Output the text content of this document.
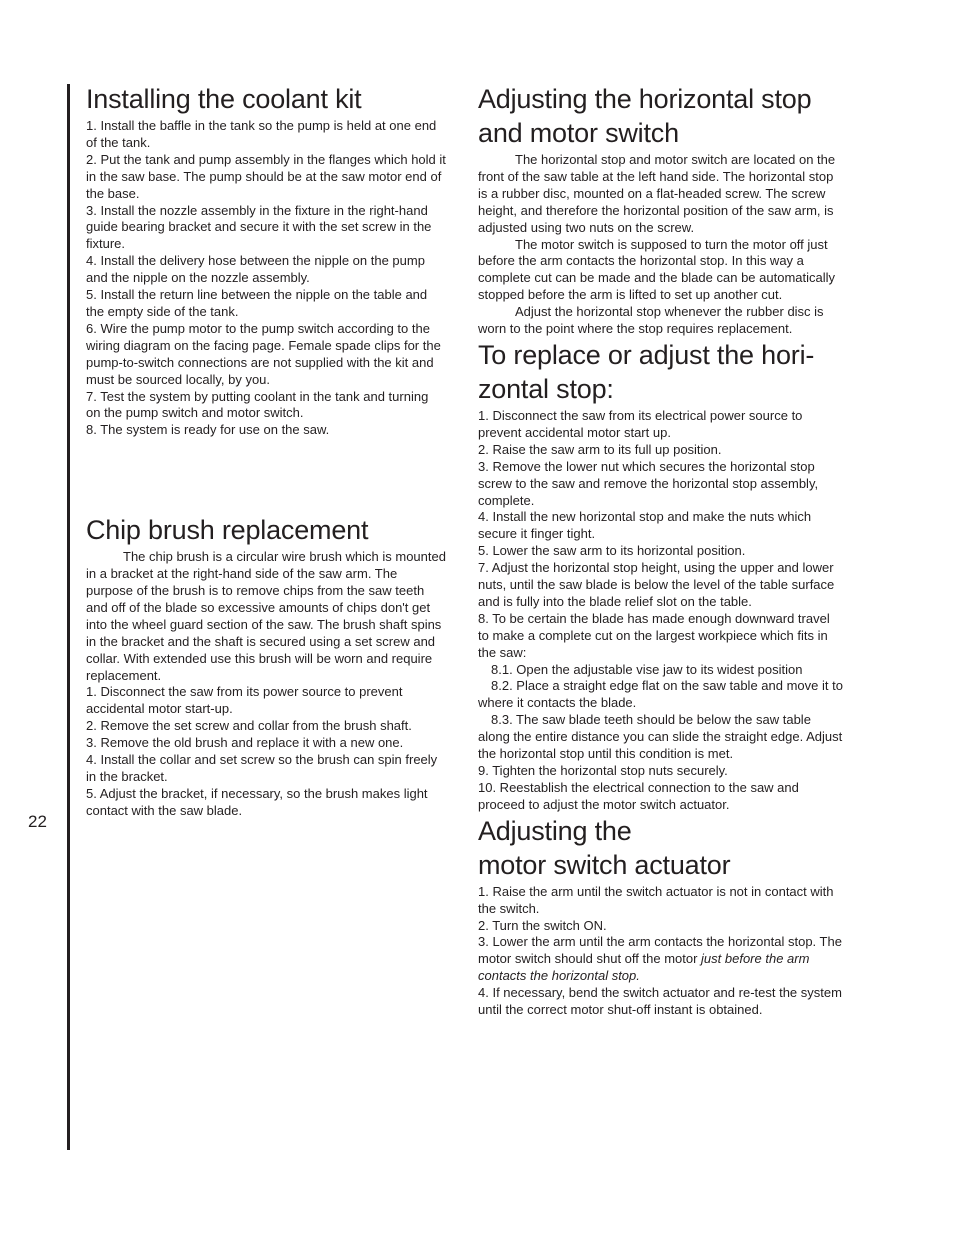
22
Installing the coolant kit

1. Install the baffle in the tank so the pump is held at one end of the tank.

2. Put the tank and pump assembly in the flanges which hold it in the saw base. The pump should be at the saw motor end of the base.

3. Install the nozzle assembly in the fixture in the right-hand guide bearing bracket and secure it with the set screw in the fixture.

4. Install the delivery hose between the nipple on the pump and the nipple on the nozzle assembly.

5. Install the return line between the nipple on the table and the empty side of the tank.

6. Wire the pump motor to the pump switch according to the wiring diagram on the facing page. Female spade clips for the pump-to-switch connections are not supplied with the kit and must be sourced locally, by you.

7. Test the system by putting coolant in the tank and turning on the pump switch and motor switch.

8. The system is ready for use on the saw.

Chip brush replacement

The chip brush is a circular wire brush which is mounted in a bracket at the right-hand side of the saw arm. The purpose of the brush is to remove chips from the saw teeth and off of the blade so excessive amounts of chips don't get into the wheel guard section of the saw. The brush shaft spins in the bracket and the shaft is secured using a set screw and collar. With extended use this brush will be worn and require replacement.

1. Disconnect the saw from its power source to prevent accidental motor start-up.

2. Remove the set screw and collar from the brush shaft.

3. Remove the old brush and replace it with a new one.

4. Install the collar and set screw so the brush can spin freely in the bracket.

5. Adjust the bracket, if necessary, so the brush makes light contact with the saw blade.

Adjusting the horizontal stop
and motor switch

The horizontal stop and motor switch are located on the front of the saw table at the left hand side. The horizontal stop is a rubber disc, mounted on a flat-headed screw. The screw height, and therefore the horizontal position of the saw arm, is adjusted using two nuts on the screw.

The motor switch is supposed to turn the motor off just before the arm contacts the horizontal stop. In this way a complete cut can be made and the blade can be automatically stopped before the arm is lifted to set up another cut.

Adjust the horizontal stop whenever the rubber disc is worn to the point where the stop requires replacement.

To replace or adjust the hori-
zontal stop:

1. Disconnect the saw from its electrical power source to prevent accidental motor start up.

2. Raise the saw arm to its full up position.

3. Remove the lower nut which secures the horizontal stop screw to the saw and remove the horizontal stop assembly, complete.

4. Install the new horizontal stop and make the nuts which secure it finger tight.

5. Lower the saw arm to its horizontal position.

7. Adjust the horizontal stop height, using the upper and lower nuts, until the saw blade is below the level of the table surface and is fully into the blade relief slot on the table.

8. To be certain the blade has made enough downward travel to make a complete cut on the largest workpiece which fits in the saw:

8.1. Open the adjustable vise jaw to its widest position

8.2. Place a straight edge flat on the saw table and move it to where it contacts the blade.

8.3. The saw blade teeth should be below the saw table along the entire distance you can slide the straight edge. Adjust the horizontal stop until this condition is met.

9. Tighten the horizontal stop nuts securely.

10. Reestablish the electrical connection to the saw and proceed to adjust the motor switch actuator.

Adjusting the
motor switch actuator

1. Raise the arm until the switch actuator is not in contact with the switch.

2. Turn the switch ON.

3. Lower the arm until the arm contacts the horizontal stop. The motor switch should shut off the motor just before the arm contacts the horizontal stop.

4. If necessary, bend the switch actuator and re-test the system until the correct motor shut-off instant is obtained.
